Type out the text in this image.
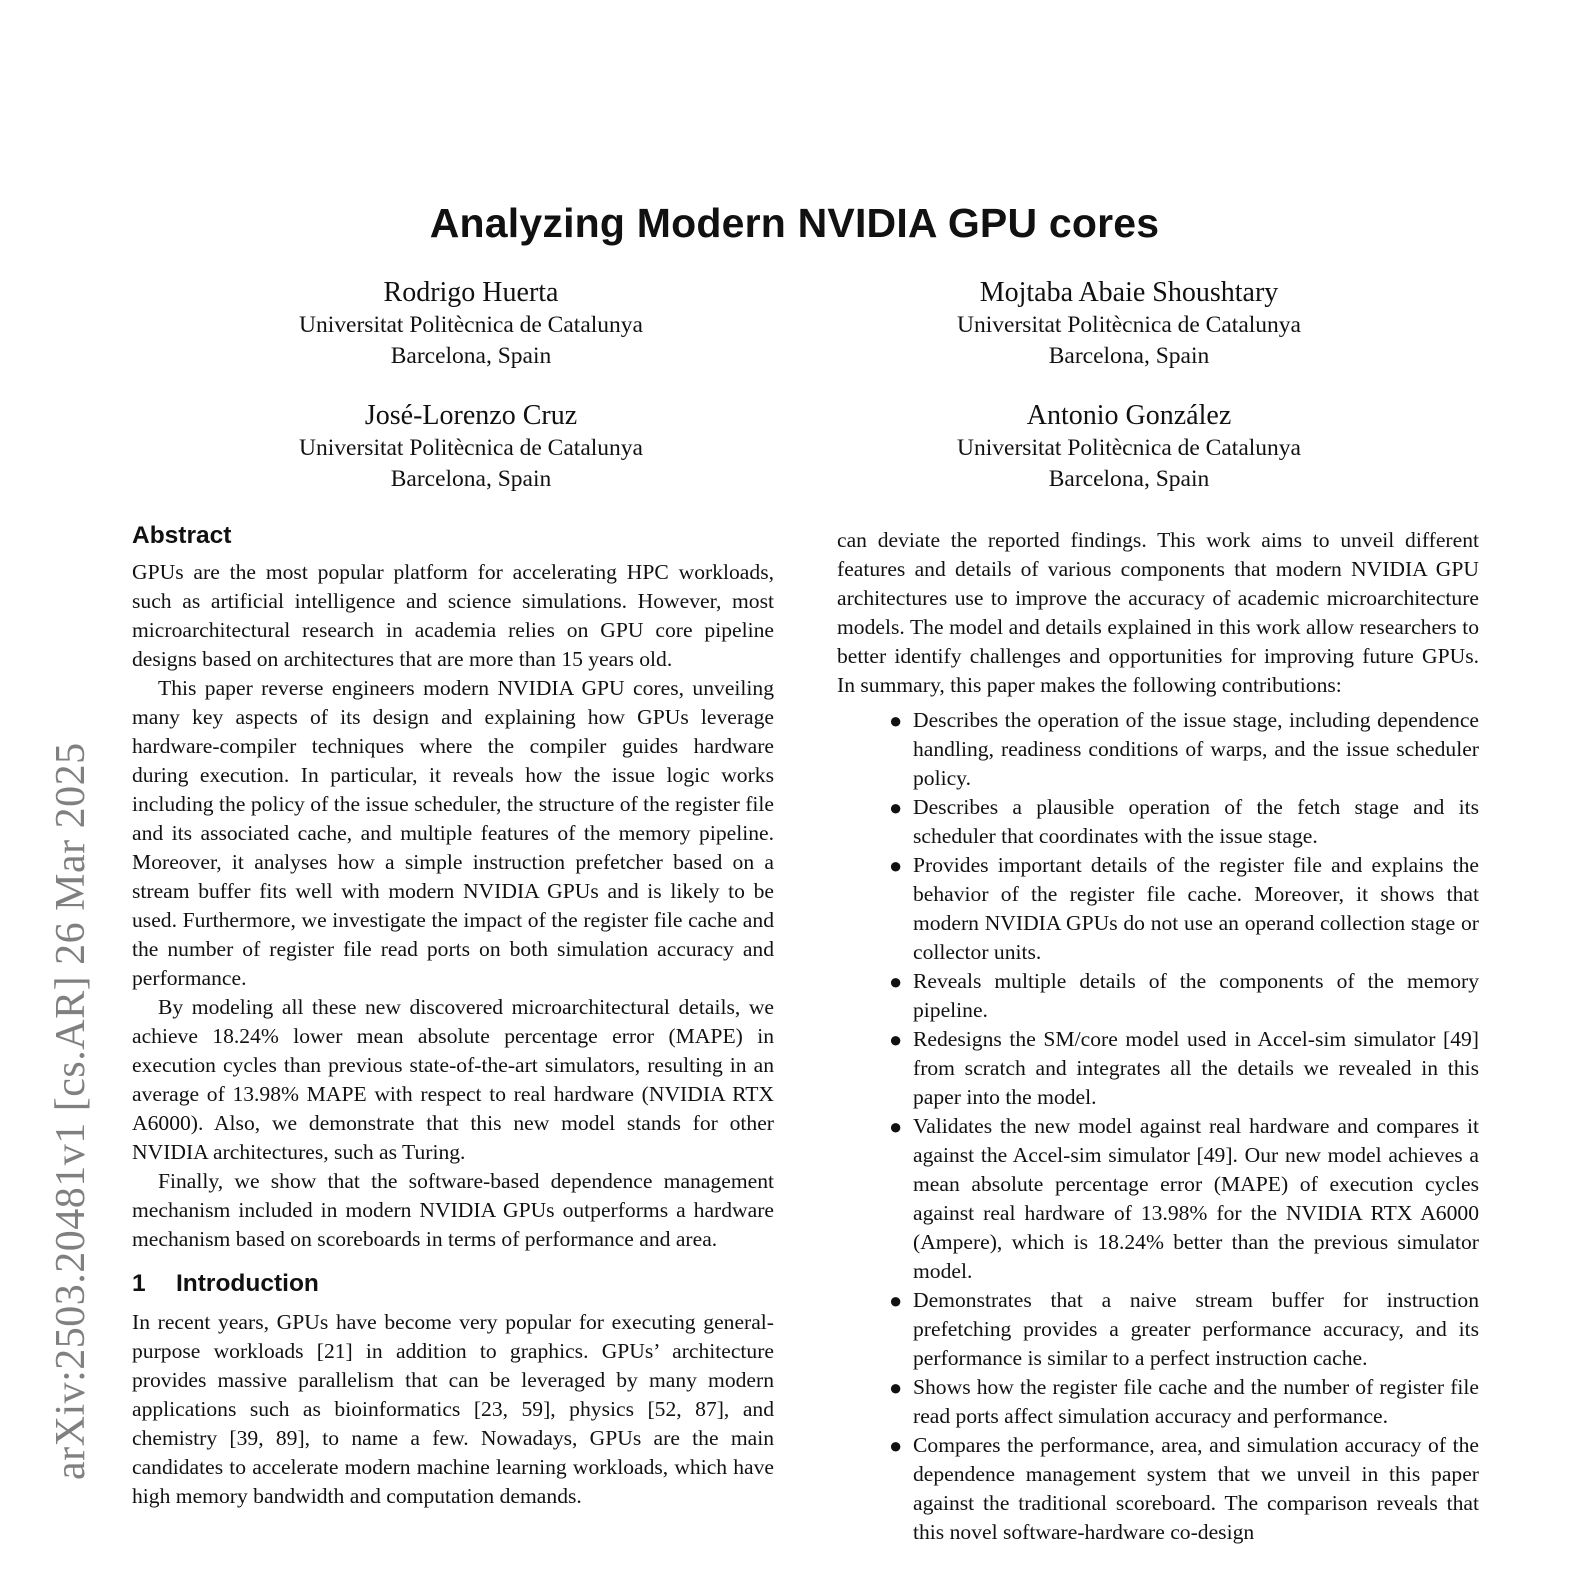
arXiv:2503.20481v1 [cs.AR] 26 Mar 2025
Analyzing Modern NVIDIA GPU cores
Rodrigo Huerta
Universitat Politècnica de Catalunya
Barcelona, Spain
Mojtaba Abaie Shoushtary
Universitat Politècnica de Catalunya
Barcelona, Spain
José-Lorenzo Cruz
Universitat Politècnica de Catalunya
Barcelona, Spain
Antonio González
Universitat Politècnica de Catalunya
Barcelona, Spain
Abstract

GPUs are the most popular platform for accelerating HPC workloads, such as artificial intelligence and science simulations. However, most microarchitectural research in academia relies on GPU core pipeline designs based on architectures that are more than 15 years old.

This paper reverse engineers modern NVIDIA GPU cores, unveiling many key aspects of its design and explaining how GPUs leverage hardware-compiler techniques where the compiler guides hardware during execution. In particular, it reveals how the issue logic works including the policy of the issue scheduler, the structure of the register file and its associated cache, and multiple features of the memory pipeline. Moreover, it analyses how a simple instruction prefetcher based on a stream buffer fits well with modern NVIDIA GPUs and is likely to be used. Furthermore, we investigate the impact of the register file cache and the number of register file read ports on both simulation accuracy and performance.

By modeling all these new discovered microarchitectural details, we achieve 18.24% lower mean absolute percentage error (MAPE) in execution cycles than previous state-of-the-art simulators, resulting in an average of 13.98% MAPE with respect to real hardware (NVIDIA RTX A6000). Also, we demonstrate that this new model stands for other NVIDIA architectures, such as Turing.

Finally, we show that the software-based dependence management mechanism included in modern NVIDIA GPUs outperforms a hardware mechanism based on scoreboards in terms of performance and area.

1 Introduction

In recent years, GPUs have become very popular for executing general-purpose workloads [21] in addition to graphics. GPUs’ architecture provides massive parallelism that can be leveraged by many modern applications such as bioinformatics [23, 59], physics [52, 87], and chemistry [39, 89], to name a few. Nowadays, GPUs are the main candidates to accelerate modern machine learning workloads, which have high memory bandwidth and computation demands.

can deviate the reported findings. This work aims to unveil different features and details of various components that modern NVIDIA GPU architectures use to improve the accuracy of academic microarchitecture models. The model and details explained in this work allow researchers to better identify challenges and opportunities for improving future GPUs. In summary, this paper makes the following contributions:

● Describes the operation of the issue stage, including dependence handling, readiness conditions of warps, and the issue scheduler policy.
● Describes a plausible operation of the fetch stage and its scheduler that coordinates with the issue stage.
● Provides important details of the register file and explains the behavior of the register file cache. Moreover, it shows that modern NVIDIA GPUs do not use an operand collection stage or collector units.
● Reveals multiple details of the components of the memory pipeline.
● Redesigns the SM/core model used in Accel-sim simulator [49] from scratch and integrates all the details we revealed in this paper into the model.
● Validates the new model against real hardware and compares it against the Accel-sim simulator [49]. Our new model achieves a mean absolute percentage error (MAPE) of execution cycles against real hardware of 13.98% for the NVIDIA RTX A6000 (Ampere), which is 18.24% better than the previous simulator model.
● Demonstrates that a naive stream buffer for instruction prefetching provides a greater performance accuracy, and its performance is similar to a perfect instruction cache.
● Shows how the register file cache and the number of register file read ports affect simulation accuracy and performance.
● Compares the performance, area, and simulation accuracy of the dependence management system that we unveil in this paper against the traditional scoreboard. The comparison reveals that this novel software-hardware co-design
